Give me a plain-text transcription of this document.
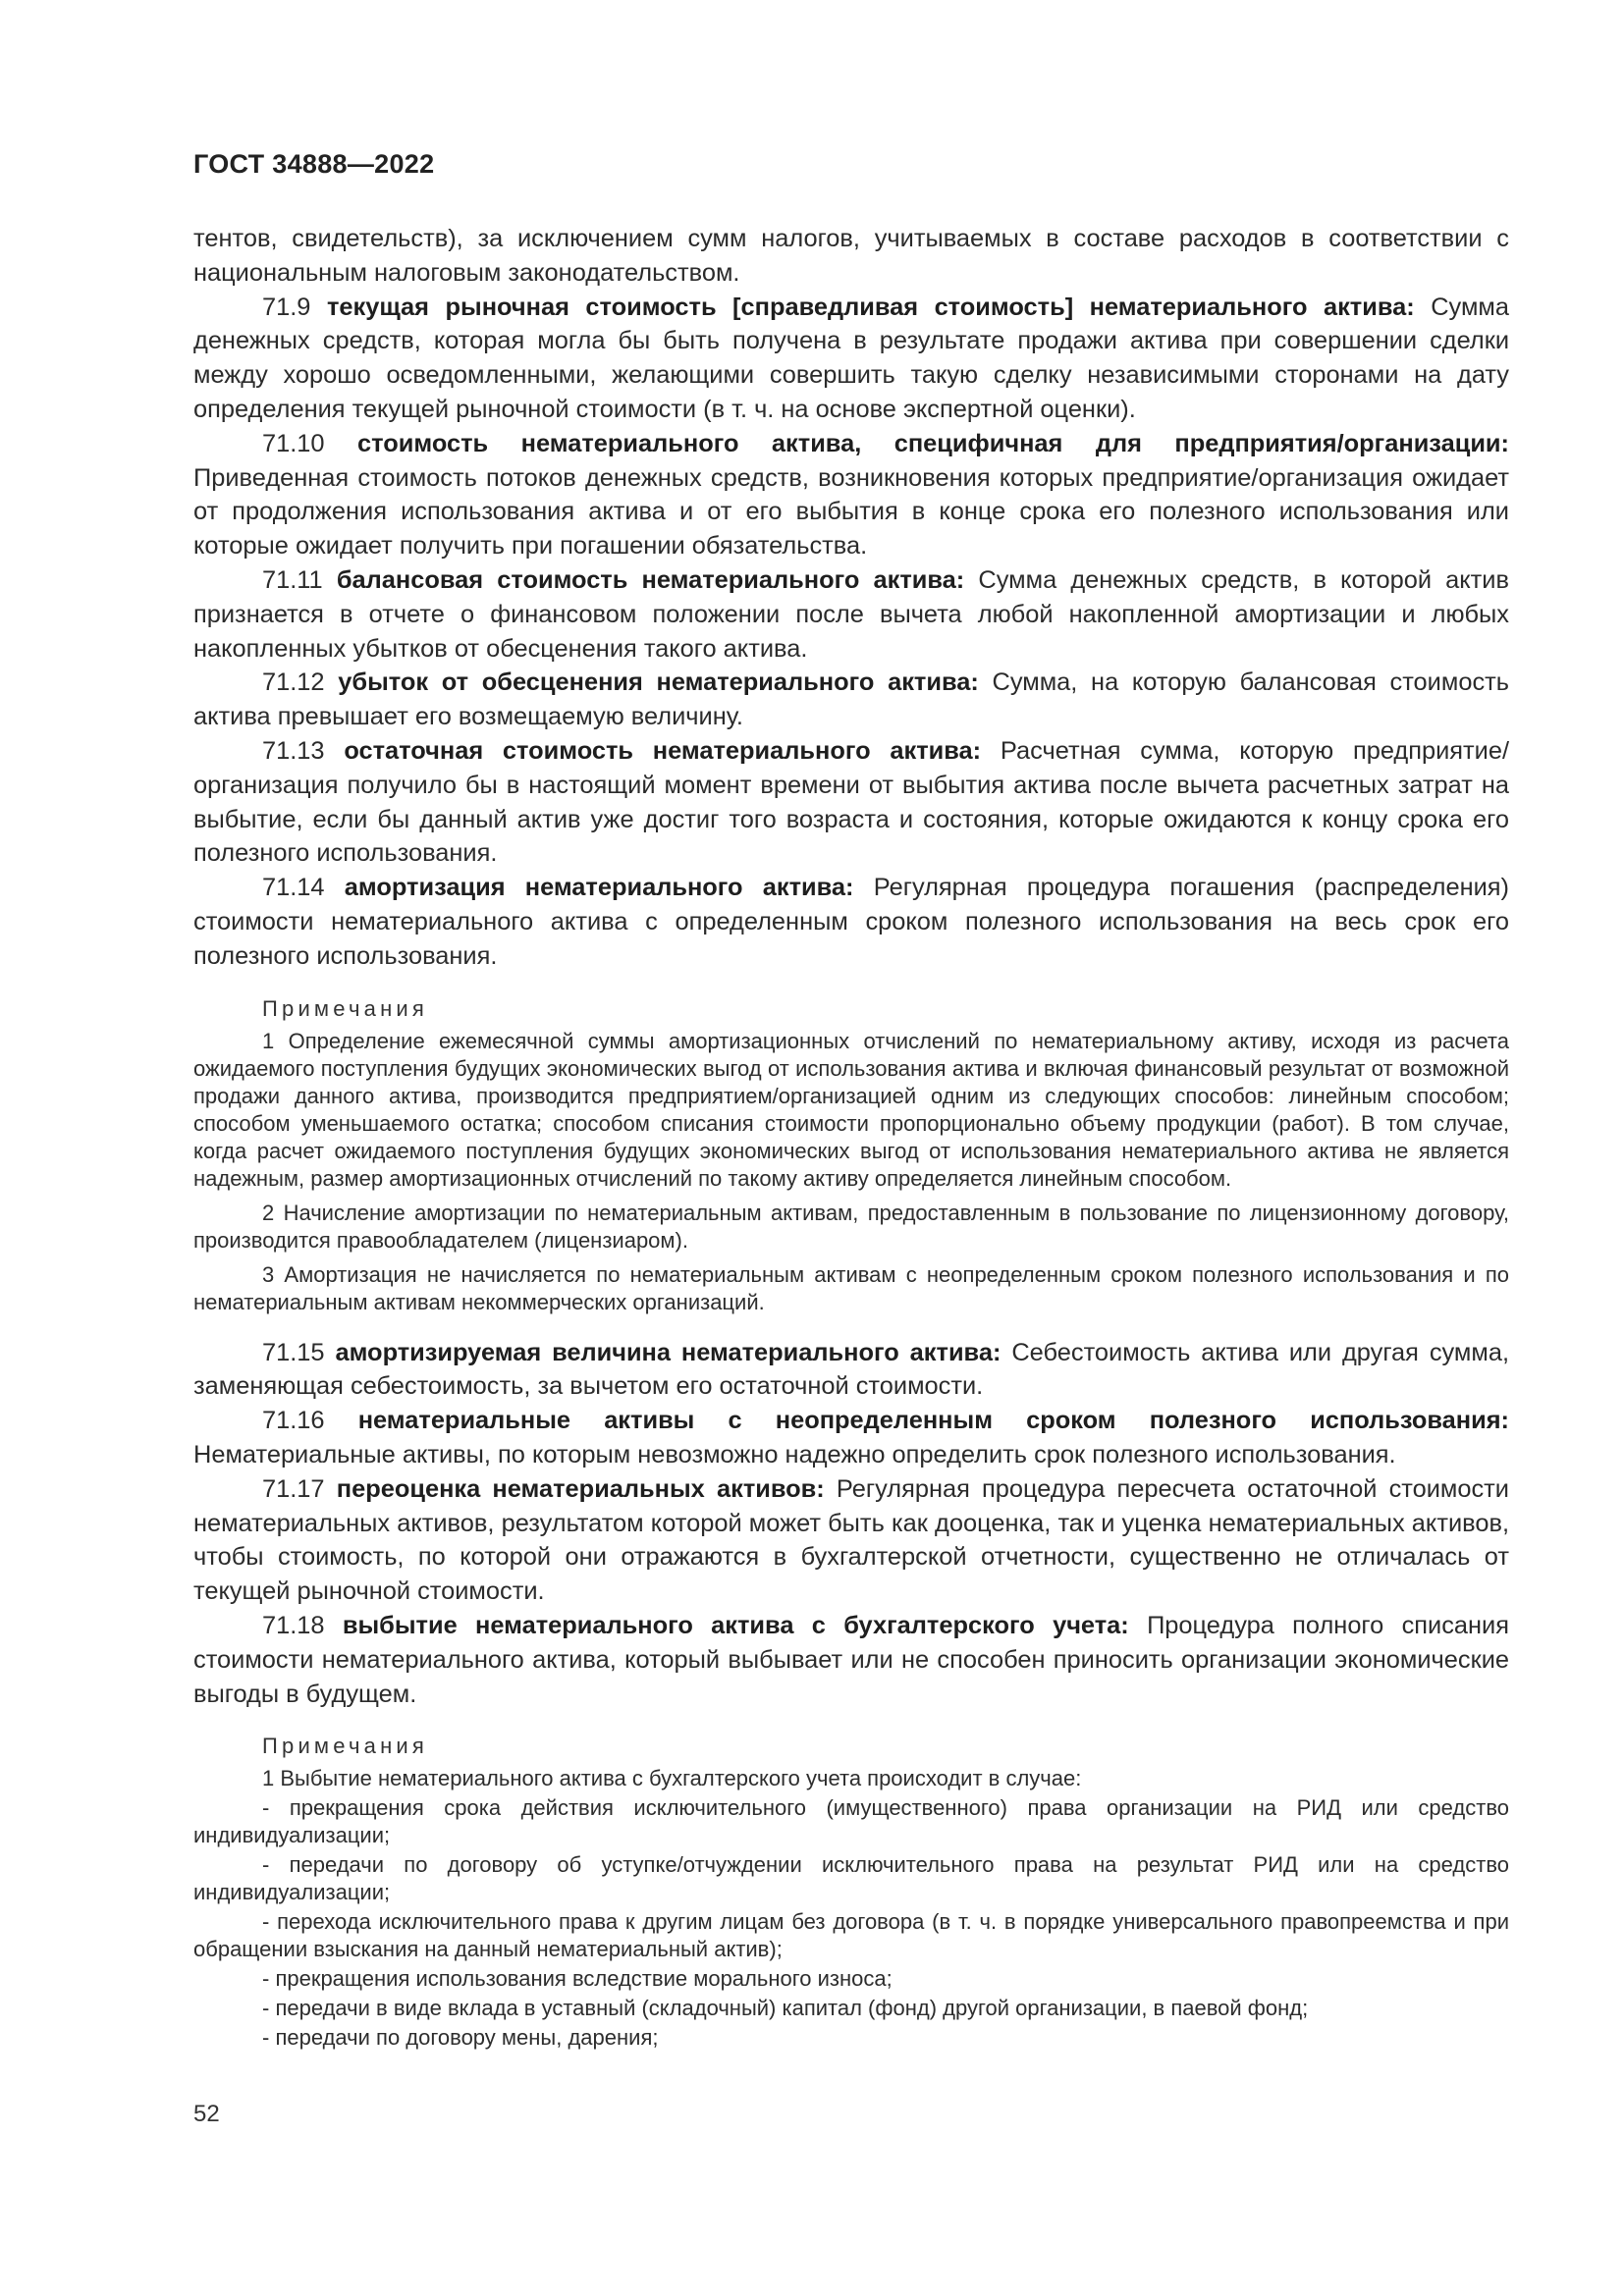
ГОСТ 34888—2022

тентов, свидетельств), за исключением сумм налогов, учитываемых в составе расходов в соответствии с национальным налоговым законодательством.

71.9 текущая рыночная стоимость [справедливая стоимость] нематериального актива: Сумма денежных средств, которая могла бы быть получена в результате продажи актива при совершении сделки между хорошо осведомленными, желающими совершить такую сделку независимыми сторонами на дату определения текущей рыночной стоимости (в т. ч. на основе экспертной оценки).

71.10 стоимость нематериального актива, специфичная для предприятия/организации: Приведенная стоимость потоков денежных средств, возникновения которых предприятие/организация ожидает от продолжения использования актива и от его выбытия в конце срока его полезного использования или которые ожидает получить при погашении обязательства.

71.11 балансовая стоимость нематериального актива: Сумма денежных средств, в которой актив признается в отчете о финансовом положении после вычета любой накопленной амортизации и любых накопленных убытков от обесценения такого актива.

71.12 убыток от обесценения нематериального актива: Сумма, на которую балансовая стоимость актива превышает его возмещаемую величину.

71.13 остаточная стоимость нематериального актива: Расчетная сумма, которую предприятие/организация получило бы в настоящий момент времени от выбытия актива после вычета расчетных затрат на выбытие, если бы данный актив уже достиг того возраста и состояния, которые ожидаются к концу срока его полезного использования.

71.14 амортизация нематериального актива: Регулярная процедура погашения (распределения) стоимости нематериального актива с определенным сроком полезного использования на весь срок его полезного использования.

Примечания

1 Определение ежемесячной суммы амортизационных отчислений по нематериальному активу, исходя из расчета ожидаемого поступления будущих экономических выгод от использования актива и включая финансовый результат от возможной продажи данного актива, производится предприятием/организацией одним из следующих способов: линейным способом; способом уменьшаемого остатка; способом списания стоимости пропорционально объему продукции (работ). В том случае, когда расчет ожидаемого поступления будущих экономических выгод от использования нематериального актива не является надежным, размер амортизационных отчислений по такому активу определяется линейным способом.

2 Начисление амортизации по нематериальным активам, предоставленным в пользование по лицензионному договору, производится правообладателем (лицензиаром).

3 Амортизация не начисляется по нематериальным активам с неопределенным сроком полезного использования и по нематериальным активам некоммерческих организаций.

71.15 амортизируемая величина нематериального актива: Себестоимость актива или другая сумма, заменяющая себестоимость, за вычетом его остаточной стоимости.

71.16 нематериальные активы с неопределенным сроком полезного использования: Нематериальные активы, по которым невозможно надежно определить срок полезного использования.

71.17 переоценка нематериальных активов: Регулярная процедура пересчета остаточной стоимости нематериальных активов, результатом которой может быть как дооценка, так и уценка нематериальных активов, чтобы стоимость, по которой они отражаются в бухгалтерской отчетности, существенно не отличалась от текущей рыночной стоимости.

71.18 выбытие нематериального актива с бухгалтерского учета: Процедура полного списания стоимости нематериального актива, который выбывает или не способен приносить организации экономические выгоды в будущем.

Примечания

1 Выбытие нематериального актива с бухгалтерского учета происходит в случае:

- прекращения срока действия исключительного (имущественного) права организации на РИД или средство индивидуализации;

- передачи по договору об уступке/отчуждении исключительного права на результат РИД или на средство индивидуализации;

- перехода исключительного права к другим лицам без договора (в т. ч. в порядке универсального правопреемства и при обращении взыскания на данный нематериальный актив);

- прекращения использования вследствие морального износа;

- передачи в виде вклада в уставный (складочный) капитал (фонд) другой организации, в паевой фонд;

- передачи по договору мены, дарения;

52
